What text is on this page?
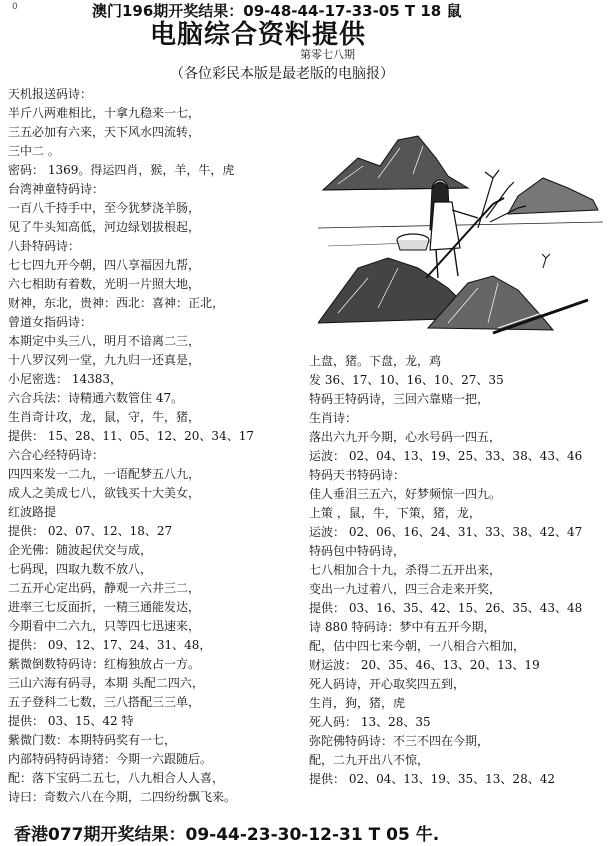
0	澳门196期开奖结果：09-48-44-17-33-05 T 18 鼠
电脑综合资料提供
第零七八期
（各位彩民本版是最老版的电脑报）
天机报送码诗：
半斤八两难相比，十拿九稳来一七，
三五必加有六来，天下风水四流转，
三中二 。
密码： 1369。得运四肖，猴，羊，牛，虎
台湾神童特码诗：
一百八千持手中，至今犹梦浇羊肠，
见了牛头知高低，河边绿划拔根起，
八卦特码诗：
七七四九开今朝，四八享福因九帮，
六七相助有着数，光明一片照大地，
财神，东北，贵神：西北：喜神：正北，
曾道女指码诗：
本期定中头三八，明月不谙离二三，
十八罗汉列一堂，九九归一还真是，
小尼密选： 14383，
六合兵法：诗精通六数管住 47。
生肖奇计攻，龙，鼠，守，牛，猪，
提供： 15、28、11、05、12、20、34、17
六合心经特码诗：
四四来发一二九，一语配梦五八九，
成人之美成七八，欲钱买十大美女，
红波路提
提供： 02、07、12、18、27
企光佛：随波起伏交与成，
七码现，四取九数不放八，
二五开心定出码，静观一六井三二，
进率三七反面折，一精三通能发达，
今期看中二六九，只等四七迅速来，
提供： 09、12、17、24、31、48，
紫微倒数特码诗：红梅独放占一方。
三山六海有码寻，本期 头配二四六，
五子登科二七数，三八搭配三三单，
提供： 03、15、42 特
紫微门数：本期特码奖有一七，
内部特码特码诗猪：今期一六跟随后。
配：落下宝码二五七，八九相合人人喜，
诗曰：奇数六八在今期，二四纷纷飘飞来。
上盘，猪。下盘，龙，鸡
发 36、17、10、16、10、27、35
特码王特码诗，三回六靠赌一把，
生肖诗：
落出六九开今期，心水号码一四五，
运波： 02、04、13、19、25、33、38、43、46
特码天书特码诗：
佳人垂泪三五六，好梦频惊一四九。
上策 ，鼠，牛，下策，猪，龙，
运波： 02、06、16、24、31、33、38、42、47
特码包中特码诗，
七八相加合十九，杀得二五开出来，
变出一九过着八，四三合走来开奖，
提供： 03、16、35、42、15、26、35、43、48
诗 880 特码诗：梦中有五开今期，
配，估中四七来今朝，一八相合六相加，
财运波： 20、35、46、13、20、13、19
死人码诗，开心取奖四五到，
生肖，狗，猪，虎
死人码： 13、28、35
弥陀佛特码诗：不三不四在今期，
配，二九开出八不惊，
提供： 02、04、13、19、35、13、28、42
香港077期开奖结果：09-44-23-30-12-31 T 05 牛.
